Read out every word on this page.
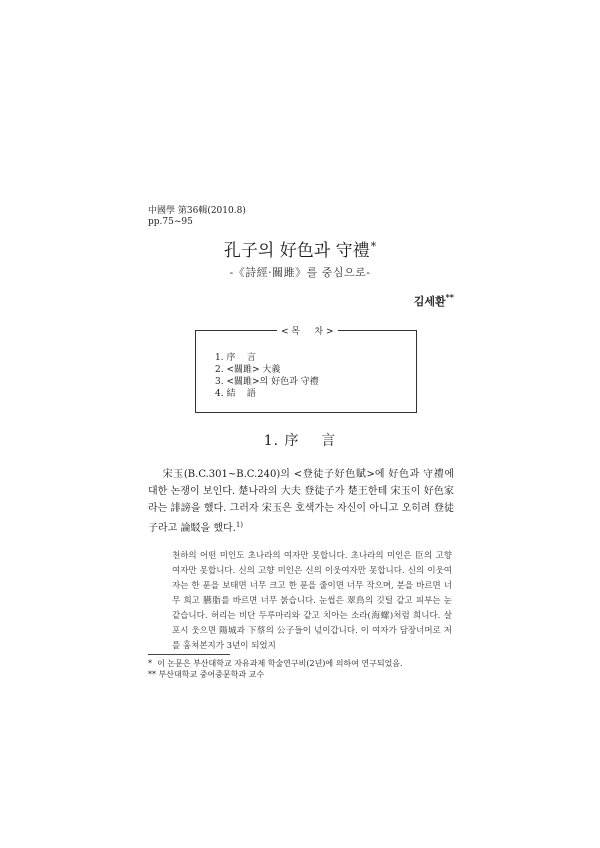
中國學 第36輯(2010.8)
pp.75~95
孔子의 好色과 守禮*
-《詩經·關雎》를 중심으로-
김세환**
< 목     차 >
1. 序    言
2. <關雎> 大義
3. <關雎>의 好色과 守禮
4. 結    語
1. 序    言
宋玉(B.C.301~B.C.240)의 <登徒子好色賦>에 好色과 守禮에 대한 논쟁이 보인다. 楚나라의 大夫 登徒子가 楚王한테 宋玉이 好色家라는 誹謗을 했다. 그러자 宋玉은 호색가는 자신이 아니고 오히려 登徒子라고 論駁을 했다.$^{1)}$
천하의 어떤 미인도 초나라의 여자만 못합니다. 초나라의 미인은 臣의 고향 여자만 못합니다. 신의 고향 미인은 신의 이웃여자만 못합니다. 신의 이웃여자는 한 푼을 보태면 너무 크고 한 푼을 줄이면 너무 작으며, 분을 바르면 너무 희고 臙脂를 바르면 너무 붉습니다. 눈썹은 翠鳥의 깃털 같고 피부는 눈 같습니다. 허리는 비단 두루마리와 같고 치아는 소라(海螺)처럼 희니다. 살포시 웃으면 陽城과 下蔡의 公子들이 넋이갑니다. 이 여자가 담장너머로 저를 훔쳐본지가 3년이 되었지
*  이 논문은 부산대학교 자유과제 학술연구비(2년)에 의하여 연구되었음.
** 부산대학교 중어중문학과 교수
